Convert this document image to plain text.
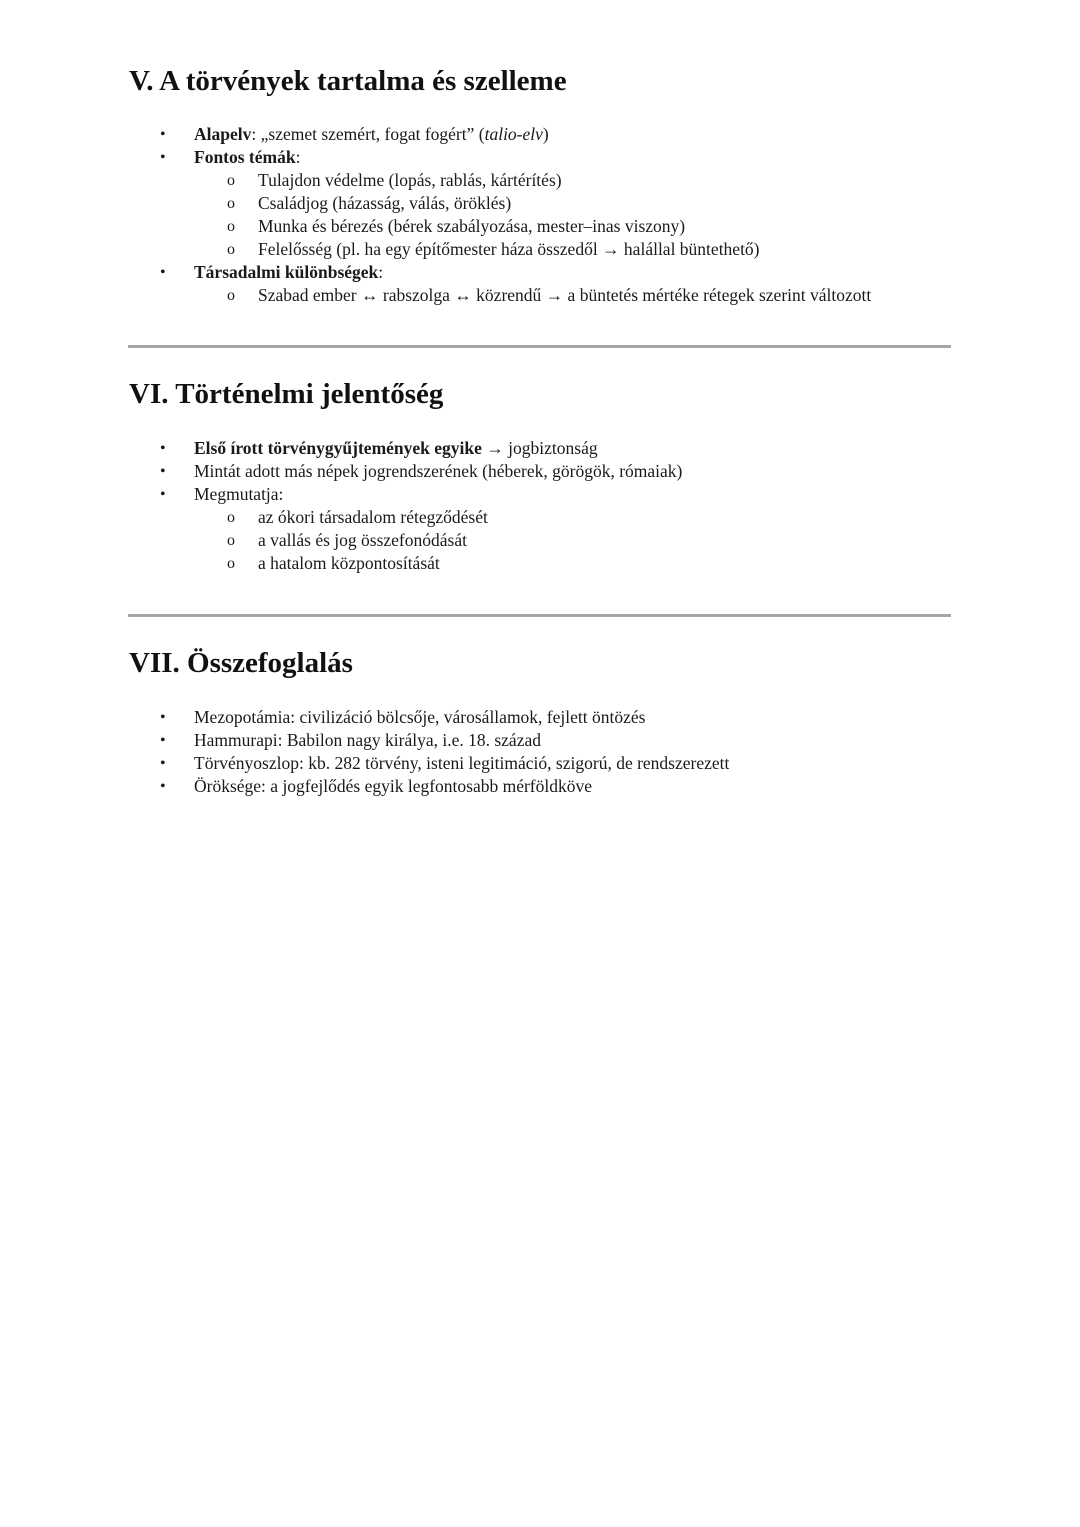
V. A törvények tartalma és szelleme
• Alapelv: „szemet szemért, fogat fogért” (talio-elv)
• Fontos témák:
o Tulajdon védelme (lopás, rablás, kártérítés)
o Családjog (házasság, válás, öröklés)
o Munka és bérezés (bérek szabályozása, mester–inas viszony)
o Felelősség (pl. ha egy építőmester háza összedől → halállal büntethető)
• Társadalmi különbségek:
o Szabad ember ↔ rabszolga ↔ közrendű → a büntetés mértéke rétegek szerint változott
VI. Történelmi jelentőség
• Első írott törvénygyűjtemények egyike → jogbiztonság
• Mintát adott más népek jogrendszerének (héberek, görögök, rómaiak)
• Megmutatja:
o az ókori társadalom rétegződését
o a vallás és jog összefonódását
o a hatalom központosítását
VII. Összefoglalás
• Mezopotámia: civilizáció bölcsője, városállamok, fejlett öntözés
• Hammurapi: Babilon nagy királya, i.e. 18. század
• Törvényoszlop: kb. 282 törvény, isteni legitimáció, szigorú, de rendszerezett
• Öröksége: a jogfejlődés egyik legfontosabb mérföldköve
